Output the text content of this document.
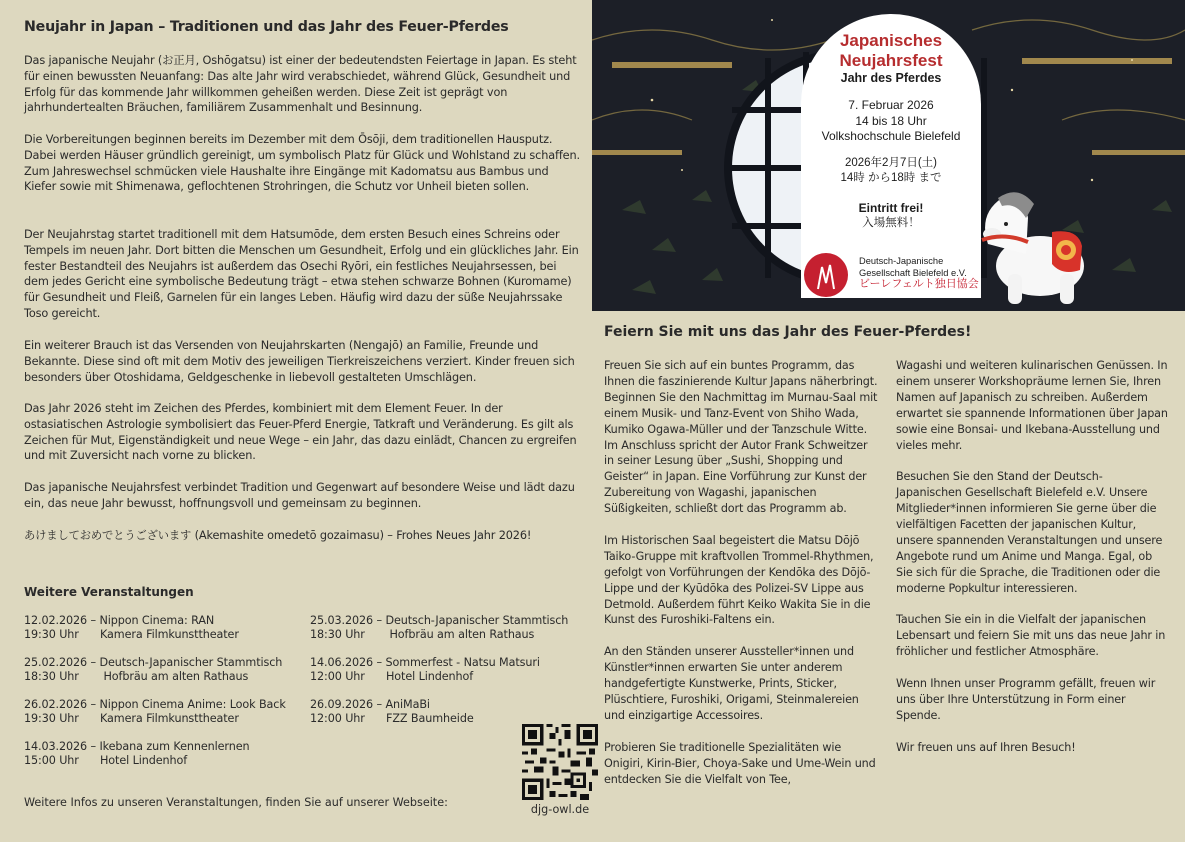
Neujahr in Japan – Traditionen und das Jahr des Feuer-Pferdes

Das japanische Neujahr (お正月, Oshōgatsu) ist einer der bedeutendsten Feiertage in Japan. Es steht für einen bewussten Neuanfang: Das alte Jahr wird verabschiedet, während Glück, Gesundheit und Erfolg für das kommende Jahr willkommen geheißen werden. Diese Zeit ist geprägt von jahrhundertealten Bräuchen, familiärem Zusammenhalt und Besinnung.

Die Vorbereitungen beginnen bereits im Dezember mit dem Ōsōji, dem traditionellen Hausputz. Dabei werden Häuser gründlich gereinigt, um symbolisch Platz für Glück und Wohlstand zu schaffen. Zum Jahreswechsel schmücken viele Haushalte ihre Eingänge mit Kadomatsu aus Bambus und Kiefer sowie mit Shimenawa, geflochtenen Strohringen, die Schutz vor Unheil bieten sollen.

Der Neujahrstag startet traditionell mit dem Hatsumōde, dem ersten Besuch eines Schreins oder Tempels im neuen Jahr. Dort bitten die Menschen um Gesundheit, Erfolg und ein glückliches Jahr. Ein fester Bestandteil des Neujahrs ist außerdem das Osechi Ryōri, ein festliches Neujahrsessen, bei dem jedes Gericht eine symbolische Bedeutung trägt – etwa stehen schwarze Bohnen (Kuromame) für Gesundheit und Fleiß, Garnelen für ein langes Leben. Häufig wird dazu der süße Neujahrssake Toso gereicht.

Ein weiterer Brauch ist das Versenden von Neujahrskarten (Nengajō) an Familie, Freunde und Bekannte. Diese sind oft mit dem Motiv des jeweiligen Tierkreiszeichens verziert. Kinder freuen sich besonders über Otoshidama, Geldgeschenke in liebevoll gestalteten Umschlägen.

Das Jahr 2026 steht im Zeichen des Pferdes, kombiniert mit dem Element Feuer. In der ostasiatischen Astrologie symbolisiert das Feuer-Pferd Energie, Tatkraft und Veränderung. Es gilt als Zeichen für Mut, Eigenständigkeit und neue Wege – ein Jahr, das dazu einlädt, Chancen zu ergreifen und mit Zuversicht nach vorne zu blicken.

Das japanische Neujahrsfest verbindet Tradition und Gegenwart auf besondere Weise und lädt dazu ein, das neue Jahr bewusst, hoffnungsvoll und gemeinsam zu beginnen.

あけましておめでとうございます (Akemashite omedetō gozaimasu) – Frohes Neues Jahr 2026!

Weitere Veranstaltungen
12.02.2026 – Nippon Cinema: RAN
19:30 Uhr Kamera Filmkunsttheater
25.02.2026 – Deutsch-Japanischer Stammtisch
18:30 Uhr Hofbräu am alten Rathaus
26.02.2026 – Nippon Cinema Anime: Look Back
19:30 Uhr Kamera Filmkunsttheater
14.03.2026 – Ikebana zum Kennenlernen
15:00 Uhr Hotel Lindenhof
25.03.2026 – Deutsch-Japanischer Stammtisch
18:30 Uhr Hofbräu am alten Rathaus
14.06.2026 – Sommerfest - Natsu Matsuri
12:00 Uhr Hotel Lindenhof
26.09.2026 – AniMaBi
12:00 Uhr FZZ Baumheide
Weitere Infos zu unseren Veranstaltungen, finden Sie auf unserer Webseite:
djg-owl.de
Japanisches
Neujahrsfest
Jahr des Pferdes
7. Februar 2026
14 bis 18 Uhr
Volkshochschule Bielefeld
2026年2月7日(土)
14時 から18時 まで
Eintritt frei!
入場無料！
Deutsch-Japanische
Gesellschaft Bielefeld e.V.
ビーレフェルト独日協会
Feiern Sie mit uns das Jahr des Feuer-Pferdes!

Freuen Sie sich auf ein buntes Programm, das Ihnen die faszinierende Kultur Japans näherbringt. Beginnen Sie den Nachmittag im Murnau-Saal mit einem Musik- und Tanz-Event von Shiho Wada, Kumiko Ogawa-Müller und der Tanzschule Witte. Im Anschluss spricht der Autor Frank Schweitzer in seiner Lesung über „Sushi, Shopping und Geister“ in Japan. Eine Vorführung zur Kunst der Zubereitung von Wagashi, japanischen Süßigkeiten, schließt dort das Programm ab.

Im Historischen Saal begeistert die Matsu Dōjō Taiko-Gruppe mit kraftvollen Trommel-Rhythmen, gefolgt von Vorführungen der Kendōka des Dōjō-Lippe und der Kyūdōka des Polizei-SV Lippe aus Detmold. Außerdem führt Keiko Wakita Sie in die Kunst des Furoshiki-Faltens ein.

An den Ständen unserer Aussteller*innen und Künstler*innen erwarten Sie unter anderem handgefertigte Kunstwerke, Prints, Sticker, Plüschtiere, Furoshiki, Origami, Steinmalereien und einzigartige Accessoires.

Probieren Sie traditionelle Spezialitäten wie Onigiri, Kirin-Bier, Choya-Sake und Ume-Wein und entdecken Sie die Vielfalt von Tee,

Wagashi und weiteren kulinarischen Genüssen. In einem unserer Workshopräume lernen Sie, Ihren Namen auf Japanisch zu schreiben. Außerdem erwartet sie spannende Informationen über Japan sowie eine Bonsai- und Ikebana-Ausstellung und vieles mehr.

Besuchen Sie den Stand der Deutsch-Japanischen Gesellschaft Bielefeld e.V. Unsere Mitglieder*innen informieren Sie gerne über die vielfältigen Facetten der japanischen Kultur, unsere spannenden Veranstaltungen und unsere Angebote rund um Anime und Manga. Egal, ob Sie sich für die Sprache, die Traditionen oder die moderne Popkultur interessieren.

Tauchen Sie ein in die Vielfalt der japanischen Lebensart und feiern Sie mit uns das neue Jahr in fröhlicher und festlicher Atmosphäre.

Wenn Ihnen unser Programm gefällt, freuen wir uns über Ihre Unterstützung in Form einer Spende.

Wir freuen uns auf Ihren Besuch!
